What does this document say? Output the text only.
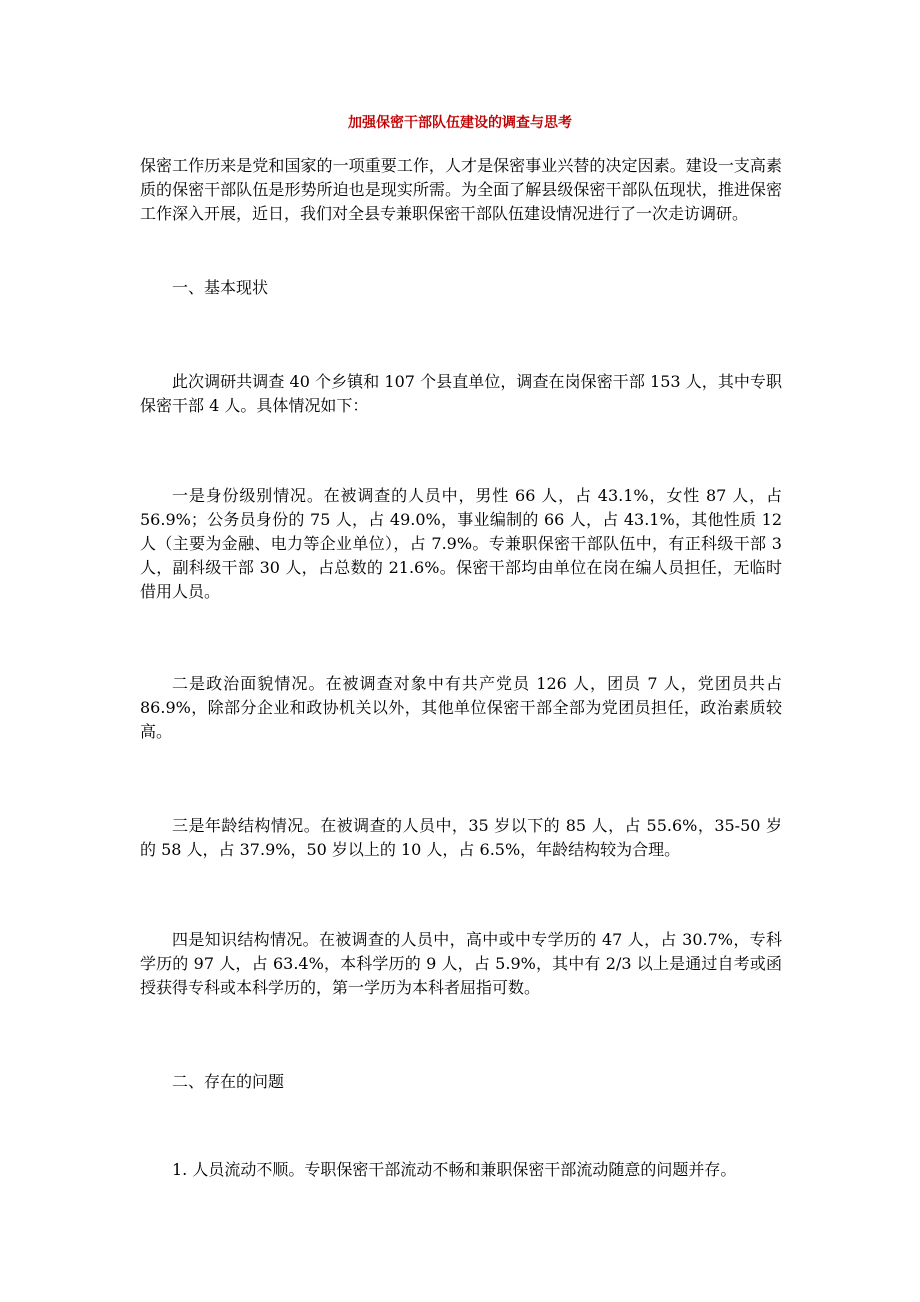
加强保密干部队伍建设的调查与思考

保密工作历来是党和国家的一项重要工作，人才是保密事业兴替的决定因素。建设一支高素质的保密干部队伍是形势所迫也是现实所需。为全面了解县级保密干部队伍现状，推进保密工作深入开展，近日，我们对全县专兼职保密干部队伍建设情况进行了一次走访调研。

一、基本现状

此次调研共调查 40 个乡镇和 107 个县直单位，调查在岗保密干部 153 人，其中专职保密干部 4 人。具体情况如下：

一是身份级别情况。在被调查的人员中，男性 66 人，占 43.1%，女性 87 人，占 56.9%；公务员身份的 75 人，占 49.0%，事业编制的 66 人，占 43.1%，其他性质 12 人（主要为金融、电力等企业单位），占 7.9%。专兼职保密干部队伍中，有正科级干部 3 人，副科级干部 30 人，占总数的 21.6%。保密干部均由单位在岗在编人员担任，无临时借用人员。

二是政治面貌情况。在被调查对象中有共产党员 126 人，团员 7 人，党团员共占 86.9%，除部分企业和政协机关以外，其他单位保密干部全部为党团员担任，政治素质较高。

三是年龄结构情况。在被调查的人员中，35 岁以下的 85 人，占 55.6%，35-50 岁的 58 人，占 37.9%，50 岁以上的 10 人，占 6.5%，年龄结构较为合理。

四是知识结构情况。在被调查的人员中，高中或中专学历的 47 人，占 30.7%，专科学历的 97 人，占 63.4%，本科学历的 9 人，占 5.9%，其中有 2/3 以上是通过自考或函授获得专科或本科学历的，第一学历为本科者屈指可数。

二、存在的问题

1. 人员流动不顺。专职保密干部流动不畅和兼职保密干部流动随意的问题并存。
